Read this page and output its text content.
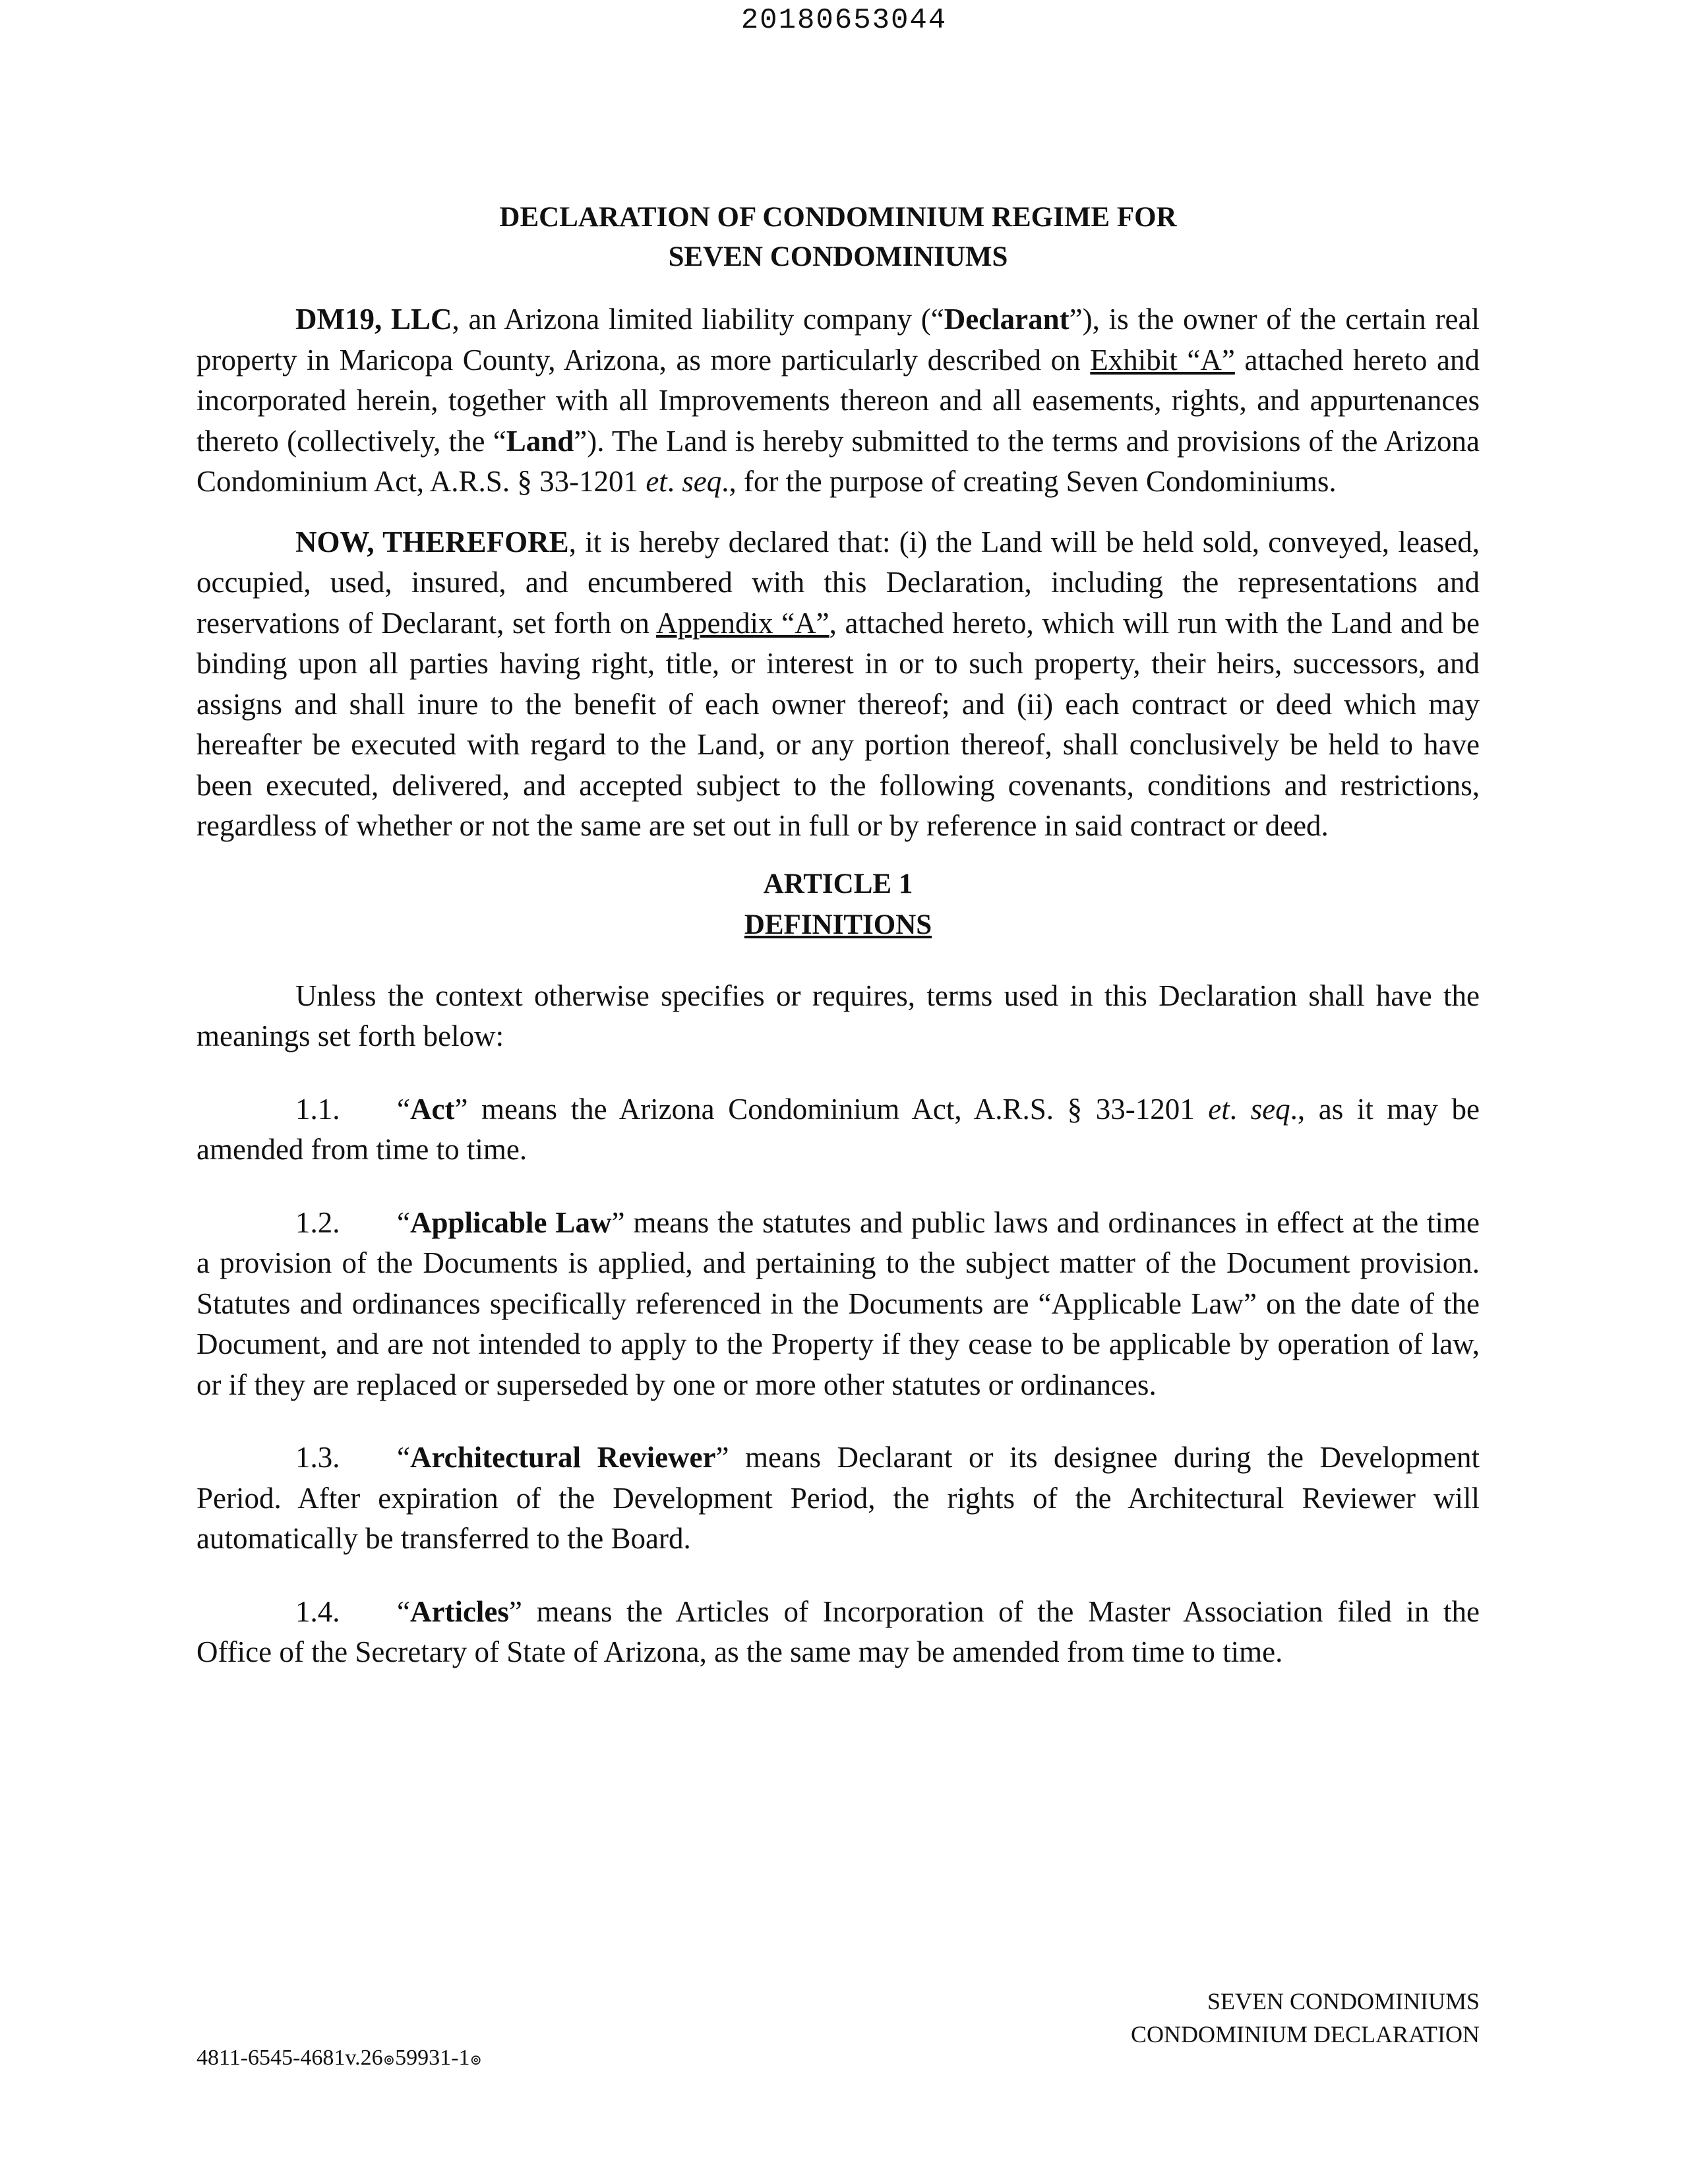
20180653044
DECLARATION OF CONDOMINIUM REGIME FOR
SEVEN CONDOMINIUMS

DM19, LLC, an Arizona limited liability company (“Declarant”), is the owner of the certain real property in Maricopa County, Arizona, as more particularly described on Exhibit “A” attached hereto and incorporated herein, together with all Improvements thereon and all easements, rights, and appurtenances thereto (collectively, the “Land”). The Land is hereby submitted to the terms and provisions of the Arizona Condominium Act, A.R.S. § 33-1201 et. seq., for the purpose of creating Seven Condominiums.

NOW, THEREFORE, it is hereby declared that: (i) the Land will be held sold, conveyed, leased, occupied, used, insured, and encumbered with this Declaration, including the representations and reservations of Declarant, set forth on Appendix “A”, attached hereto, which will run with the Land and be binding upon all parties having right, title, or interest in or to such property, their heirs, successors, and assigns and shall inure to the benefit of each owner thereof; and (ii) each contract or deed which may hereafter be executed with regard to the Land, or any portion thereof, shall conclusively be held to have been executed, delivered, and accepted subject to the following covenants, conditions and restrictions, regardless of whether or not the same are set out in full or by reference in said contract or deed.

ARTICLE 1
DEFINITIONS

Unless the context otherwise specifies or requires, terms used in this Declaration shall have the meanings set forth below:

1.1. “Act” means the Arizona Condominium Act, A.R.S. § 33-1201 et. seq., as it may be amended from time to time.

1.2. “Applicable Law” means the statutes and public laws and ordinances in effect at the time a provision of the Documents is applied, and pertaining to the subject matter of the Document provision. Statutes and ordinances specifically referenced in the Documents are “Applicable Law” on the date of the Document, and are not intended to apply to the Property if they cease to be applicable by operation of law, or if they are replaced or superseded by one or more other statutes or ordinances.

1.3. “Architectural Reviewer” means Declarant or its designee during the Development Period. After expiration of the Development Period, the rights of the Architectural Reviewer will automatically be transferred to the Board.

1.4. “Articles” means the Articles of Incorporation of the Master Association filed in the Office of the Secretary of State of Arizona, as the same may be amended from time to time.

SEVEN CONDOMINIUMS
CONDOMINIUM DECLARATION
4811-6545-4681v.26⊚59931-1⊚
